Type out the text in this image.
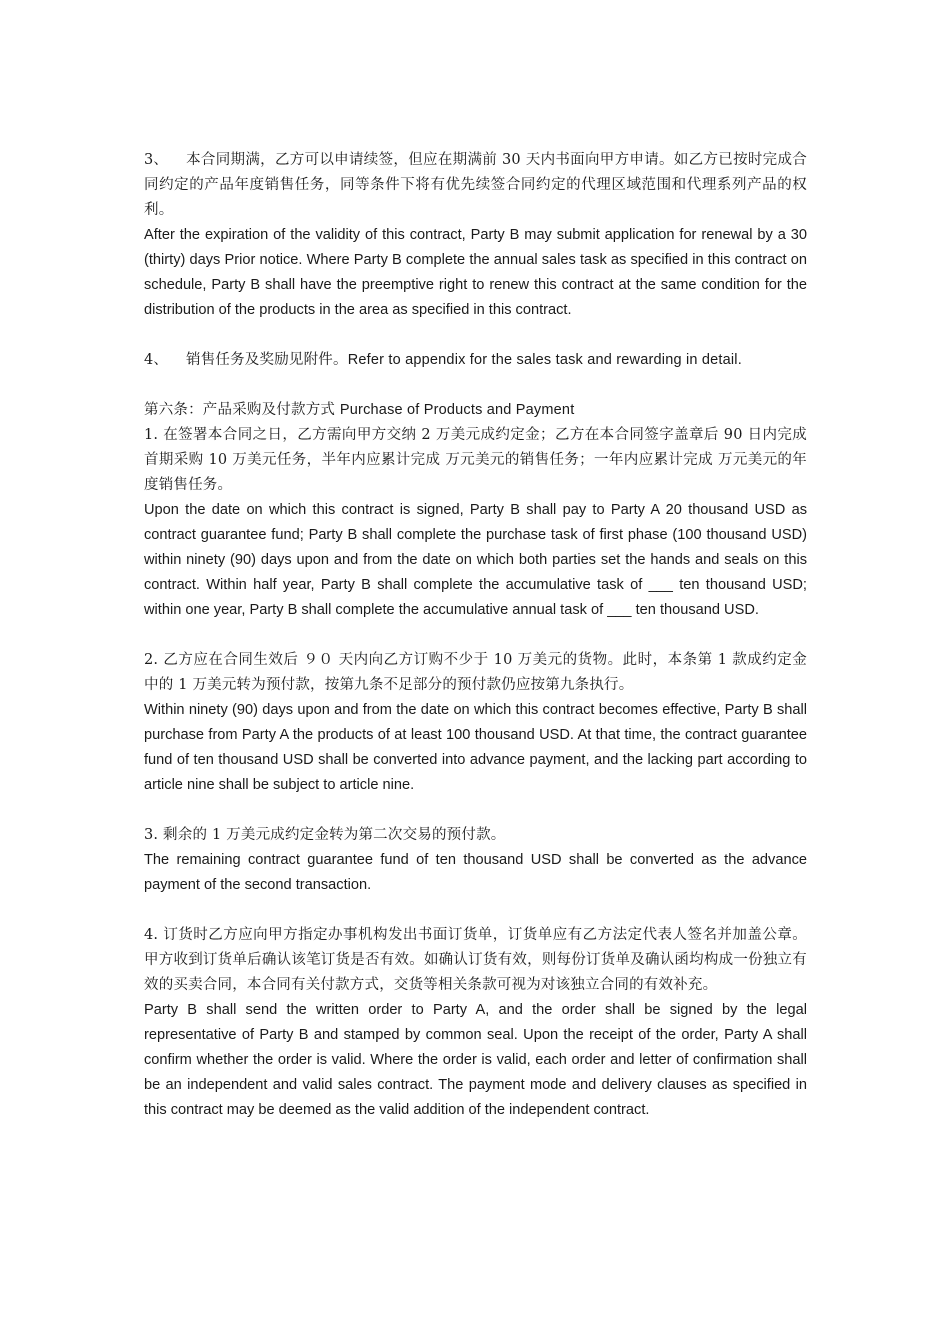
3、 本合同期满，乙方可以申请续签，但应在期满前 30 天内书面向甲方申请。如乙方已按时完成合同约定的产品年度销售任务，同等条件下将有优先续签合同约定的代理区域范围和代理系列产品的权利。

After the expiration of the validity of this contract, Party B may submit application for renewal by a 30 (thirty) days Prior notice. Where Party B complete the annual sales task as specified in this contract on schedule, Party B shall have the preemptive right to renew this contract at the same condition for the distribution of the products in the area as specified in this contract.

4、 销售任务及奖励见附件。Refer to appendix for the sales task and rewarding in detail.

第六条：产品采购及付款方式 Purchase of Products and Payment

1. 在签署本合同之日，乙方需向甲方交纳 2 万美元成约定金；乙方在本合同签字盖章后 90 日内完成首期采购 10 万美元任务，半年内应累计完成 万元美元的销售任务；一年内应累计完成 万元美元的年度销售任务。

Upon the date on which this contract is signed, Party B shall pay to Party A 20 thousand USD as contract guarantee fund; Party B shall complete the purchase task of first phase (100 thousand USD) within ninety (90) days upon and from the date on which both parties set the hands and seals on this contract. Within half year, Party B shall complete the accumulative task of ___ ten thousand USD; within one year, Party B shall complete the accumulative annual task of ___ ten thousand USD.

2. 乙方应在合同生效后 ９０ 天内向乙方订购不少于 10 万美元的货物。此时，本条第 1 款成约定金中的 1 万美元转为预付款，按第九条不足部分的预付款仍应按第九条执行。

Within ninety (90) days upon and from the date on which this contract becomes effective, Party B shall purchase from Party A the products of at least 100 thousand USD. At that time, the contract guarantee fund of ten thousand USD shall be converted into advance payment, and the lacking part according to article nine shall be subject to article nine.

3. 剩余的 1 万美元成约定金转为第二次交易的预付款。

The remaining contract guarantee fund of ten thousand USD shall be converted as the advance payment of the second transaction.

4. 订货时乙方应向甲方指定办事机构发出书面订货单，订货单应有乙方法定代表人签名并加盖公章。甲方收到订货单后确认该笔订货是否有效。如确认订货有效，则每份订货单及确认函均构成一份独立有效的买卖合同，本合同有关付款方式，交货等相关条款可视为对该独立合同的有效补充。

Party B shall send the written order to Party A, and the order shall be signed by the legal representative of Party B and stamped by common seal. Upon the receipt of the order, Party A shall confirm whether the order is valid. Where the order is valid, each order and letter of confirmation shall be an independent and valid sales contract. The payment mode and delivery clauses as specified in this contract may be deemed as the valid addition of the independent contract.
